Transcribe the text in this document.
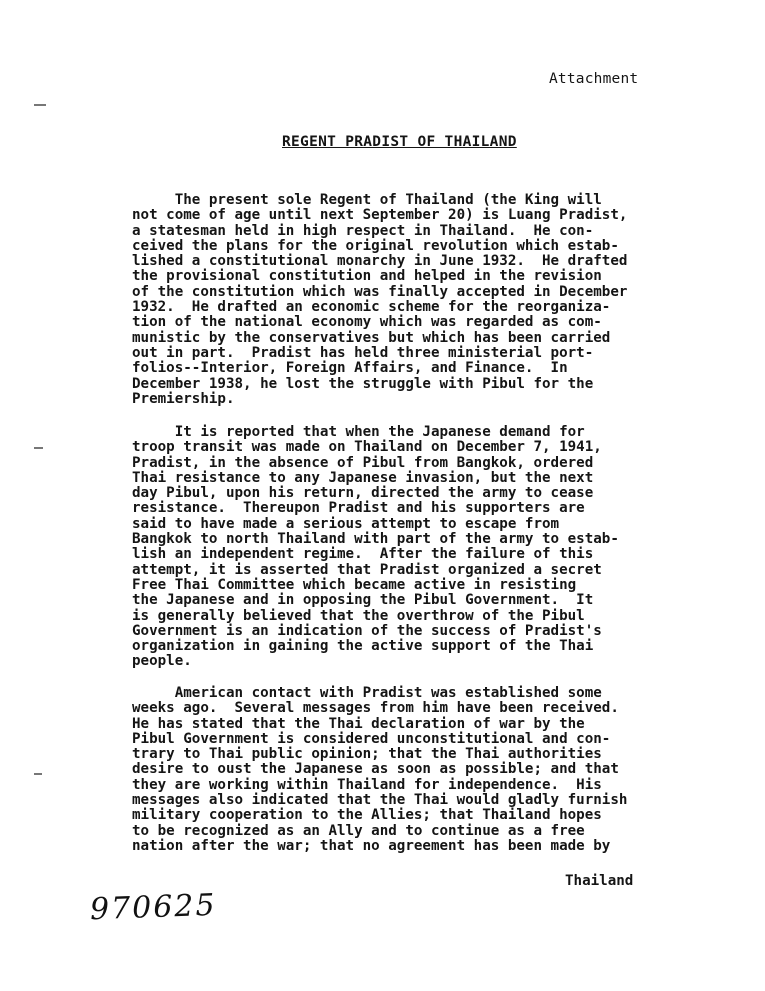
Attachment
REGENT PRADIST OF THAILAND
The present sole Regent of Thailand (the King will
not come of age until next September 20) is Luang Pradist,
a statesman held in high respect in Thailand.  He con-
ceived the plans for the original revolution which estab-
lished a constitutional monarchy in June 1932.  He drafted
the provisional constitution and helped in the revision
of the constitution which was finally accepted in December
1932.  He drafted an economic scheme for the reorganiza-
tion of the national economy which was regarded as com-
munistic by the conservatives but which has been carried
out in part.  Pradist has held three ministerial port-
folios--Interior, Foreign Affairs, and Finance.  In
December 1938, he lost the struggle with Pibul for the
Premiership.
It is reported that when the Japanese demand for
troop transit was made on Thailand on December 7, 1941,
Pradist, in the absence of Pibul from Bangkok, ordered
Thai resistance to any Japanese invasion, but the next
day Pibul, upon his return, directed the army to cease
resistance.  Thereupon Pradist and his supporters are
said to have made a serious attempt to escape from
Bangkok to north Thailand with part of the army to estab-
lish an independent regime.  After the failure of this
attempt, it is asserted that Pradist organized a secret
Free Thai Committee which became active in resisting
the Japanese and in opposing the Pibul Government.  It
is generally believed that the overthrow of the Pibul
Government is an indication of the success of Pradist's
organization in gaining the active support of the Thai
people.
American contact with Pradist was established some
weeks ago.  Several messages from him have been received.
He has stated that the Thai declaration of war by the
Pibul Government is considered unconstitutional and con-
trary to Thai public opinion; that the Thai authorities
desire to oust the Japanese as soon as possible; and that
they are working within Thailand for independence.  His
messages also indicated that the Thai would gladly furnish
military cooperation to the Allies; that Thailand hopes
to be recognized as an Ally and to continue as a free
nation after the war; that no agreement has been made by
Thailand
970625
